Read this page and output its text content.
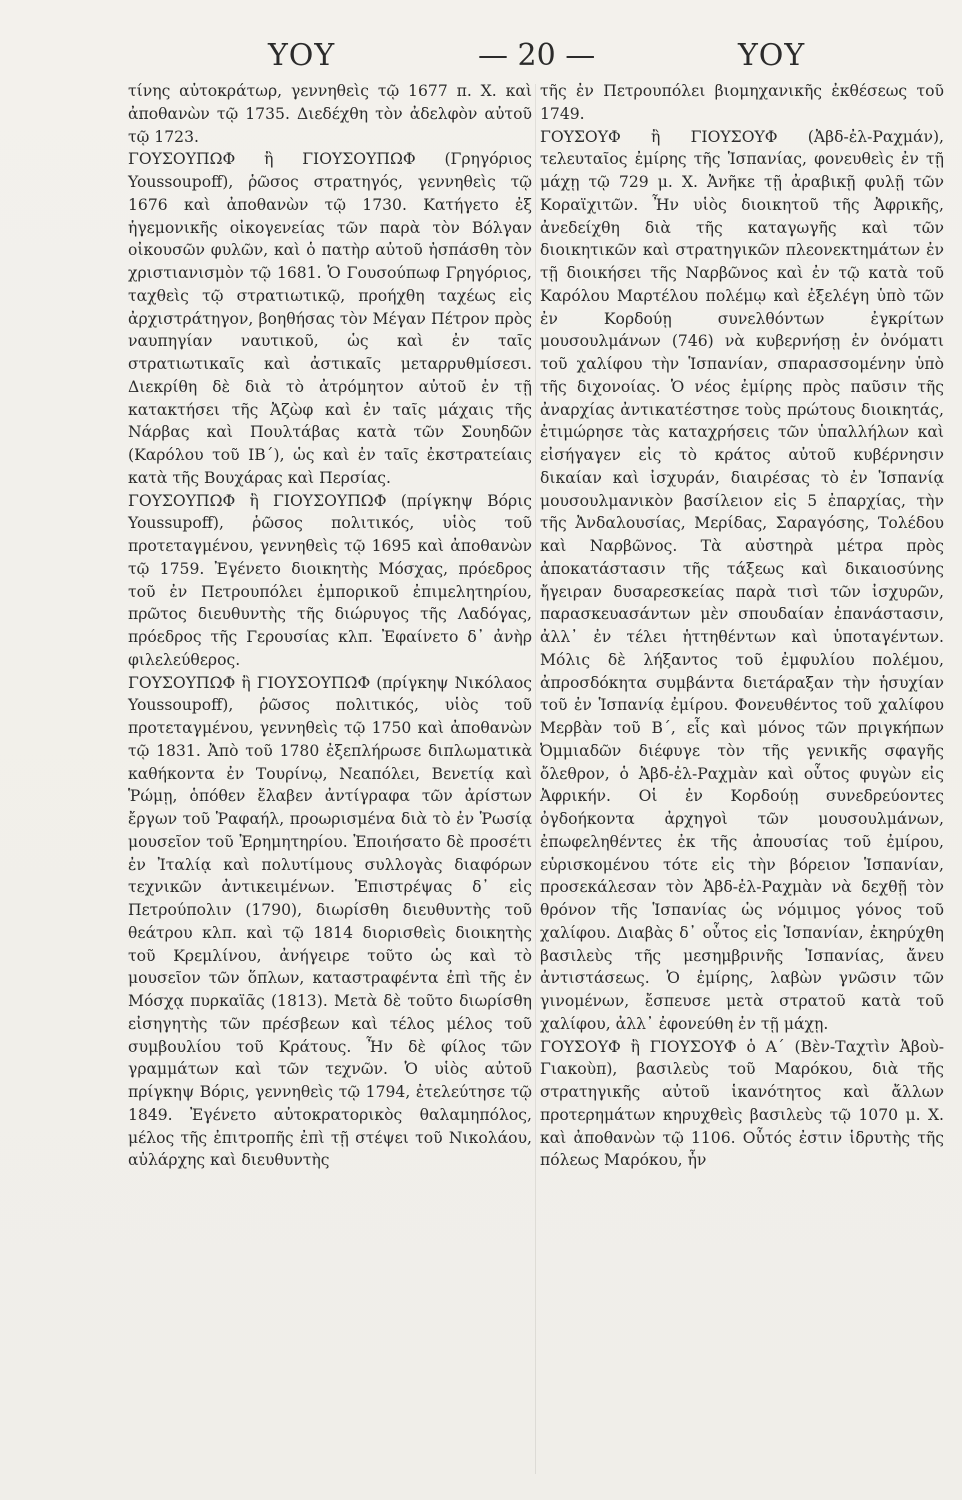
ΥΟΥ	— 20 —	ΥΟΥ

τίνης αὐτοκράτωρ, γεννηθεὶς τῷ 1677 π. Χ. καὶ ἀποθανὼν τῷ 1735. Διεδέχθη τὸν ἀδελφὸν αὐτοῦ τῷ 1723.

ΓΟΥΣΟΥΠΩΦ ἢ ΓΙΟΥΣΟΥΠΩΦ (Γρηγόριος Youssoupoff), ῥῶσος στρατηγός, γεννηθεὶς τῷ 1676 καὶ ἀποθανὼν τῷ 1730. Κατήγετο ἐξ ἡγεμονικῆς οἰκογενείας τῶν παρὰ τὸν Βόλγαν οἰκουσῶν φυλῶν, καὶ ὁ πατὴρ αὐτοῦ ἠσπάσθη τὸν χριστιανισμὸν τῷ 1681. Ὁ Γουσούπωφ Γρηγόριος, ταχθεὶς τῷ στρατιωτικῷ, προήχθη ταχέως εἰς ἀρχιστράτηγον, βοηθήσας τὸν Μέγαν Πέτρον πρὸς ναυπηγίαν ναυτικοῦ, ὡς καὶ ἐν ταῖς στρατιωτικαῖς καὶ ἀστικαῖς μεταρρυθμίσεσι. Διεκρίθη δὲ διὰ τὸ ἀτρόμητον αὐτοῦ ἐν τῇ κατακτήσει τῆς Ἀζὼφ καὶ ἐν ταῖς μάχαις τῆς Νάρβας καὶ Πουλτάβας κατὰ τῶν Σουηδῶν (Καρόλου τοῦ ΙΒ΄), ὡς καὶ ἐν ταῖς ἐκστρατείαις κατὰ τῆς Βουχάρας καὶ Περσίας.

ΓΟΥΣΟΥΠΩΦ ἢ ΓΙΟΥΣΟΥΠΩΦ (πρίγκηψ Βόρις Youssupoff), ῥῶσος πολιτικός, υἱὸς τοῦ προτεταγμένου, γεννηθεὶς τῷ 1695 καὶ ἀποθανὼν τῷ 1759. Ἐγένετο διοικητὴς Μόσχας, πρόεδρος τοῦ ἐν Πετρουπόλει ἐμπορικοῦ ἐπιμελητηρίου, πρῶτος διευθυντὴς τῆς διώρυγος τῆς Λαδόγας, πρόεδρος τῆς Γερουσίας κλπ. Ἐφαίνετο δ᾽ ἀνὴρ φιλελεύθερος.

ΓΟΥΣΟΥΠΩΦ ἢ ΓΙΟΥΣΟΥΠΩΦ (πρίγκηψ Νικόλαος Youssoupoff), ῥῶσος πολιτικός, υἱὸς τοῦ προτεταγμένου, γεννηθεὶς τῷ 1750 καὶ ἀποθανὼν τῷ 1831. Ἀπὸ τοῦ 1780 ἐξεπλήρωσε διπλωματικὰ καθήκοντα ἐν Τουρίνῳ, Νεαπόλει, Βενετίᾳ καὶ Ῥώμῃ, ὁπόθεν ἔλαβεν ἀντίγραφα τῶν ἀρίστων ἔργων τοῦ Ῥαφαήλ, προωρισμένα διὰ τὸ ἐν Ῥωσίᾳ μουσεῖον τοῦ Ἐρημητηρίου. Ἐποιήσατο δὲ προσέτι ἐν Ἰταλίᾳ καὶ πολυτίμους συλλογὰς διαφόρων τεχνικῶν ἀντικειμένων. Ἐπιστρέψας δ᾽ εἰς Πετρούπολιν (1790), διωρίσθη διευθυντὴς τοῦ θεάτρου κλπ. καὶ τῷ 1814 διορισθεὶς διοικητὴς τοῦ Κρεμλίνου, ἀνήγειρε τοῦτο ὡς καὶ τὸ μουσεῖον τῶν ὅπλων, καταστραφέντα ἐπὶ τῆς ἐν Μόσχᾳ πυρκαϊᾶς (1813). Μετὰ δὲ τοῦτο διωρίσθη εἰσηγητὴς τῶν πρέσβεων καὶ τέλος μέλος τοῦ συμβουλίου τοῦ Κράτους. Ἦν δὲ φίλος τῶν γραμμάτων καὶ τῶν τεχνῶν. Ὁ υἱὸς αὐτοῦ πρίγκηψ Βόρις, γεννηθεὶς τῷ 1794, ἐτελεύτησε τῷ 1849. Ἐγένετο αὐτοκρατορικὸς θαλαμηπόλος, μέλος τῆς ἐπιτροπῆς ἐπὶ τῇ στέψει τοῦ Νικολάου, αὐλάρχης καὶ διευθυντὴς

τῆς ἐν Πετρουπόλει βιομηχανικῆς ἐκθέσεως τοῦ 1749.

ΓΟΥΣΟΥΦ ἢ ΓΙΟΥΣΟΥΦ (Ἀβδ-ἐλ-Ραχμάν), τελευταῖος ἐμίρης τῆς Ἱσπανίας, φονευθεὶς ἐν τῇ μάχῃ τῷ 729 μ. Χ. Ἀνῆκε τῇ ἀραβικῇ φυλῇ τῶν Κοραϊχιτῶν. Ἦν υἱὸς διοικητοῦ τῆς Ἀφρικῆς, ἀνεδείχθη διὰ τῆς καταγωγῆς καὶ τῶν διοικητικῶν καὶ στρατηγικῶν πλεονεκτημάτων ἐν τῇ διοικήσει τῆς Ναρβῶνος καὶ ἐν τῷ κατὰ τοῦ Καρόλου Μαρτέλου πολέμῳ καὶ ἐξελέγη ὑπὸ τῶν ἐν Κορδούῃ συνελθόντων ἐγκρίτων μουσουλμάνων (746) νὰ κυβερνήσῃ ἐν ὀνόματι τοῦ χαλίφου τὴν Ἱσπανίαν, σπαρασσομένην ὑπὸ τῆς διχονοίας. Ὁ νέος ἐμίρης πρὸς παῦσιν τῆς ἀναρχίας ἀντικατέστησε τοὺς πρώτους διοικητάς, ἐτιμώρησε τὰς καταχρήσεις τῶν ὑπαλλήλων καὶ εἰσήγαγεν εἰς τὸ κράτος αὐτοῦ κυβέρνησιν δικαίαν καὶ ἰσχυράν, διαιρέσας τὸ ἐν Ἱσπανίᾳ μουσουλμανικὸν βασίλειον εἰς 5 ἐπαρχίας, τὴν τῆς Ἀνδαλουσίας, Μερίδας, Σαραγόσης, Τολέδου καὶ Ναρβῶνος. Τὰ αὐστηρὰ μέτρα πρὸς ἀποκατάστασιν τῆς τάξεως καὶ δικαιοσύνης ἤγειραν δυσαρεσκείας παρὰ τισὶ τῶν ἰσχυρῶν, παρασκευασάντων μὲν σπουδαίαν ἐπανάστασιν, ἀλλ᾽ ἐν τέλει ἡττηθέντων καὶ ὑποταγέντων. Μόλις δὲ λήξαντος τοῦ ἐμφυλίου πολέμου, ἀπροσδόκητα συμβάντα διετάραξαν τὴν ἡσυχίαν τοῦ ἐν Ἱσπανίᾳ ἐμίρου. Φονευθέντος τοῦ χαλίφου Μερβὰν τοῦ Β΄, εἷς καὶ μόνος τῶν πριγκήπων Ὀμμιαδῶν διέφυγε τὸν τῆς γενικῆς σφαγῆς ὄλεθρον, ὁ Ἀβδ-ἐλ-Ραχμὰν καὶ οὗτος φυγὼν εἰς Ἀφρικήν. Οἱ ἐν Κορδούῃ συνεδρεύοντες ὀγδοήκοντα ἀρχηγοὶ τῶν μουσουλμάνων, ἐπωφεληθέντες ἐκ τῆς ἀπουσίας τοῦ ἐμίρου, εὑρισκομένου τότε εἰς τὴν βόρειον Ἱσπανίαν, προσεκάλεσαν τὸν Ἀβδ-ἐλ-Ραχμὰν νὰ δεχθῇ τὸν θρόνον τῆς Ἱσπανίας ὡς νόμιμος γόνος τοῦ χαλίφου. Διαβὰς δ᾽ οὗτος εἰς Ἱσπανίαν, ἐκηρύχθη βασιλεὺς τῆς μεσημβρινῆς Ἱσπανίας, ἄνευ ἀντιστάσεως. Ὁ ἐμίρης, λαβὼν γνῶσιν τῶν γινομένων, ἔσπευσε μετὰ στρατοῦ κατὰ τοῦ χαλίφου, ἀλλ᾽ ἐφονεύθη ἐν τῇ μάχῃ.

ΓΟΥΣΟΥΦ ἢ ΓΙΟΥΣΟΥΦ ὁ Α΄ (Βὲν-Ταχτὶν Ἀβοὺ-Γιακοὺπ), βασιλεὺς τοῦ Μαρόκου, διὰ τῆς στρατηγικῆς αὐτοῦ ἱκανότητος καὶ ἄλλων προτερημάτων κηρυχθεὶς βασιλεὺς τῷ 1070 μ. Χ. καὶ ἀποθανὼν τῷ 1106. Οὗτός ἐστιν ἱδρυτὴς τῆς πόλεως Μαρόκου, ἦν
